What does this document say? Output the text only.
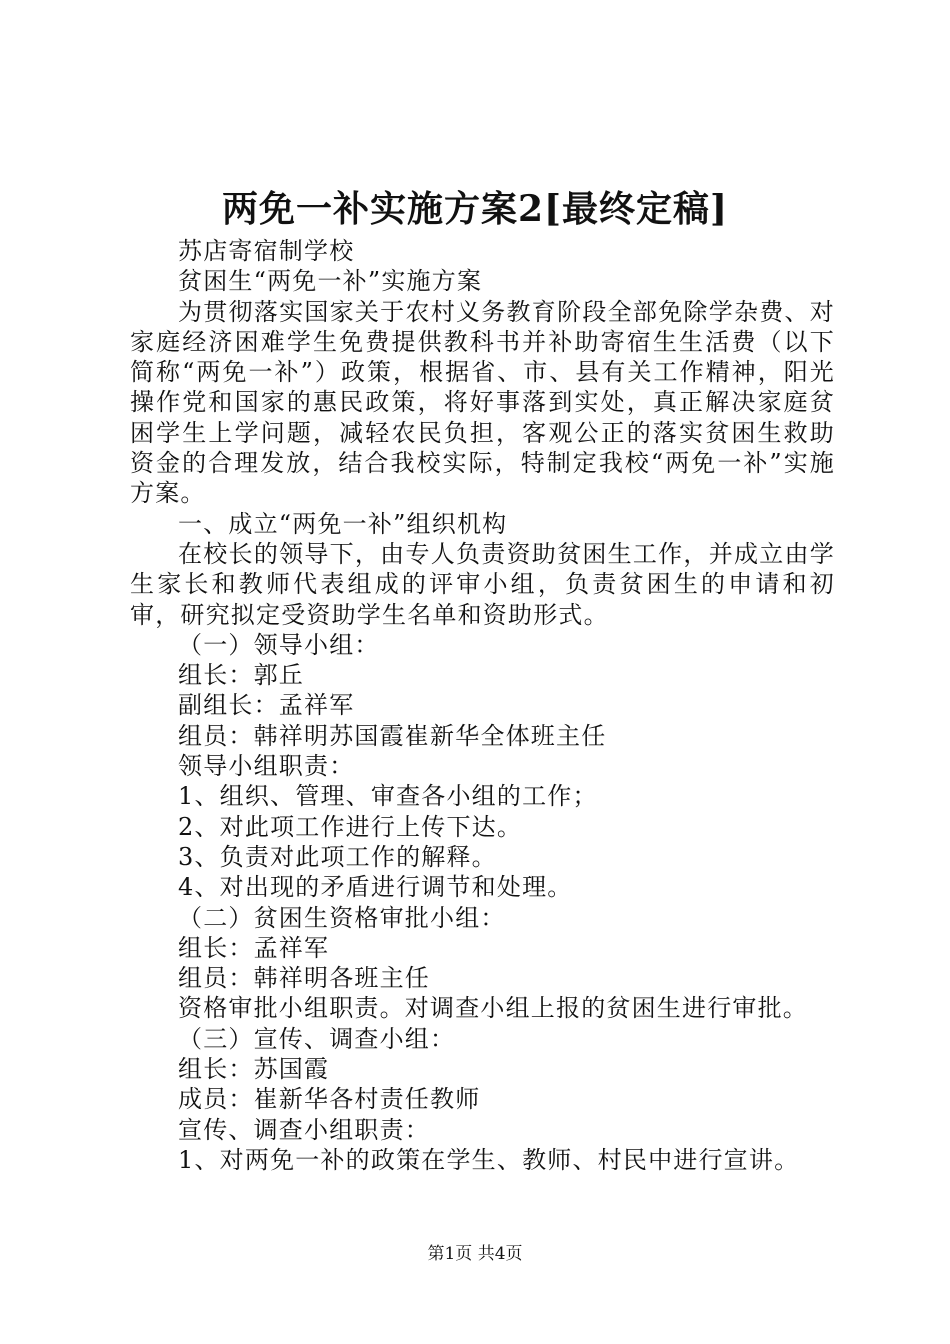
两免一补实施方案2[最终定稿]

苏店寄宿制学校

贫困生“两免一补”实施方案

为贯彻落实国家关于农村义务教育阶段全部免除学杂费、对家庭经济困难学生免费提供教科书并补助寄宿生生活费（以下简称“两免一补”）政策，根据省、市、县有关工作精神，阳光操作党和国家的惠民政策，将好事落到实处，真正解决家庭贫困学生上学问题，减轻农民负担，客观公正的落实贫困生救助资金的合理发放，结合我校实际，特制定我校“两免一补”实施方案。

一、成立“两免一补”组织机构

在校长的领导下，由专人负责资助贫困生工作，并成立由学生家长和教师代表组成的评审小组，负责贫困生的申请和初审，研究拟定受资助学生名单和资助形式。

（一）领导小组：

组长：郭丘

副组长：孟祥军

组员：韩祥明苏国霞崔新华全体班主任

领导小组职责：

1、组织、管理、审查各小组的工作；

2、对此项工作进行上传下达。

3、负责对此项工作的解释。

4、对出现的矛盾进行调节和处理。

（二）贫困生资格审批小组：

组长：孟祥军

组员：韩祥明各班主任

资格审批小组职责。对调查小组上报的贫困生进行审批。

（三）宣传、调查小组：

组长：苏国霞

成员：崔新华各村责任教师

宣传、调查小组职责：

1、对两免一补的政策在学生、教师、村民中进行宣讲。

第1页 共4页
